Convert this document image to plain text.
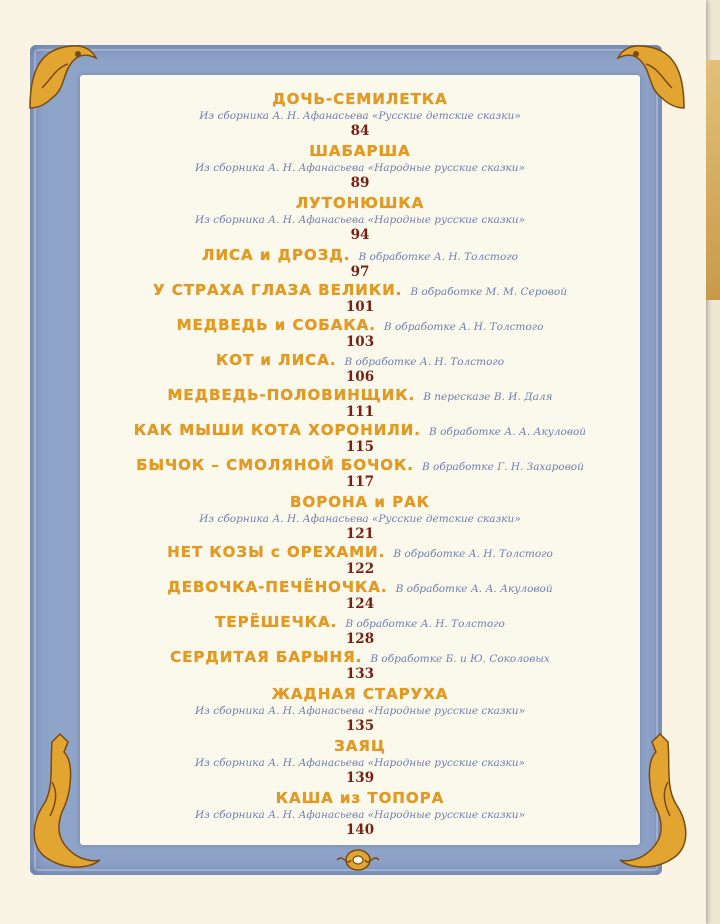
ДОЧЬ-СЕМИЛЕТКА
Из сборника А. Н. Афанасьева «Русские детские сказки»
84
ШАБАРША
Из сборника А. Н. Афанасьева «Народные русские сказки»
89
ЛУТОНЮШКА
Из сборника А. Н. Афанасьева «Народные русские сказки»
94
ЛИСА и ДРОЗД. В обработке А. Н. Толстого
97
У СТРАХА ГЛАЗА ВЕЛИКИ. В обработке М. М. Серовой
101
МЕДВЕДЬ и СОБАКА. В обработке А. Н. Толстого
103
КОТ и ЛИСА. В обработке А. Н. Толстого
106
МЕДВЕДЬ-ПОЛОВИНЩИК. В пересказе В. И. Даля
111
КАК МЫШИ КОТА ХОРОНИЛИ. В обработке А. А. Акуловой
115
БЫЧОК – СМОЛЯНОЙ БОЧОК. В обработке Г. Н. Захаровой
117
ВОРОНА и РАК
Из сборника А. Н. Афанасьева «Русские детские сказки»
121
НЕТ КОЗЫ с ОРЕХАМИ. В обработке А. Н. Толстого
122
ДЕВОЧКА-ПЕЧЁНОЧКА. В обработке А. А. Акуловой
124
ТЕРЁШЕЧКА. В обработке А. Н. Толстого
128
СЕРДИТАЯ БАРЫНЯ. В обработке Б. и Ю. Соколовых
133
ЖАДНАЯ СТАРУХА
Из сборника А. Н. Афанасьева «Народные русские сказки»
135
ЗАЯЦ
Из сборника А. Н. Афанасьева «Народные русские сказки»
139
КАША из ТОПОРА
Из сборника А. Н. Афанасьева «Народные русские сказки»
140
